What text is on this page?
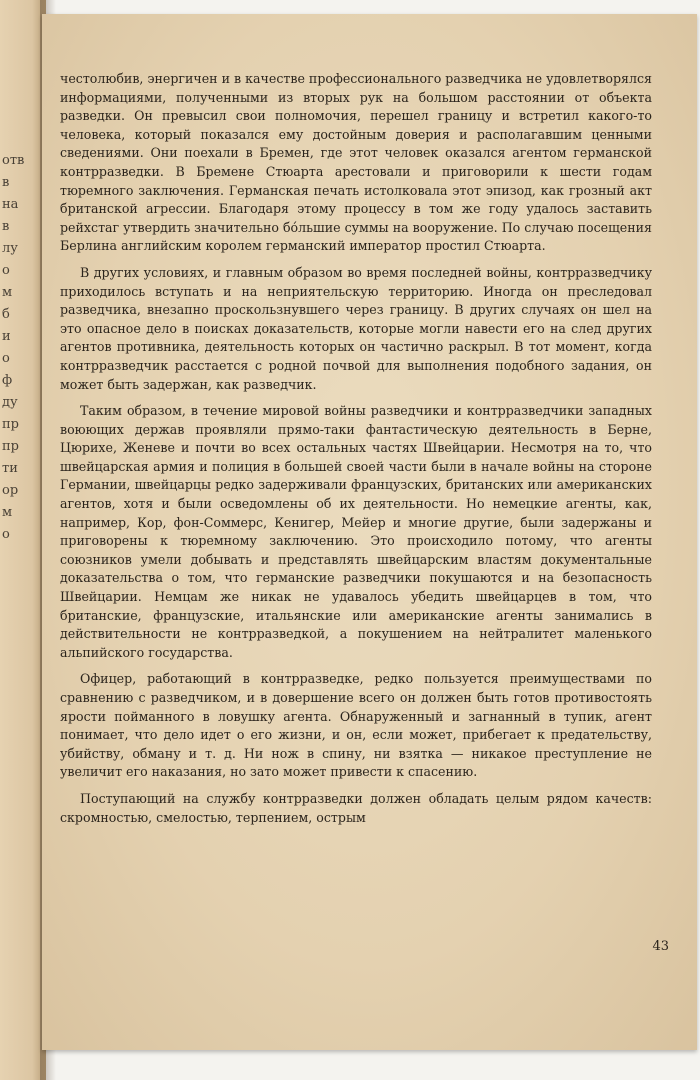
отв
в
на
в
лу
о
м
б
и
о
ф
ду
пр
пр
ти
ор
м
о

честолюбив, энергичен и в качестве профессионального разведчика не удовлетворялся информациями, полученными из вторых рук на большом расстоянии от объекта разведки. Он превысил свои полномочия, перешел границу и встретил какого-то человека, который показался ему достойным доверия и располагавшим ценными сведениями. Они поехали в Бремен, где этот человек оказался агентом германской контрразведки. В Бремене Стюарта арестовали и приговорили к шести годам тюремного заключения. Германская печать истолковала этот эпизод, как грозный акт британской агрессии. Благодаря этому процессу в том же году удалось заставить рейхстаг утвердить значительно бо́льшие суммы на вооружение. По случаю посещения Берлина английским королем германский император простил Стюарта.

В других условиях, и главным образом во время последней войны, контрразведчику приходилось вступать и на неприятельскую территорию. Иногда он преследовал разведчика, внезапно проскользнувшего через границу. В других случаях он шел на это опасное дело в поисках доказательств, которые могли навести его на след других агентов противника, деятельность которых он частично раскрыл. В тот момент, когда контрразведчик расстается с родной почвой для выполнения подобного задания, он может быть задержан, как разведчик.

Таким образом, в течение мировой войны разведчики и контрразведчики западных воюющих держав проявляли прямо-таки фантастическую деятельность в Берне, Цюрихе, Женеве и почти во всех остальных частях Швейцарии. Несмотря на то, что швейцарская армия и полиция в большей своей части были в начале войны на стороне Германии, швейцарцы редко задерживали французских, британских или американских агентов, хотя и были осведомлены об их деятельности. Но немецкие агенты, как, например, Кор, фон-Соммерс, Кенигер, Мейер и многие другие, были задержаны и приговорены к тюремному заключению. Это происходило потому, что агенты союзников умели добывать и представлять швейцарским властям документальные доказательства о том, что германские разведчики покушаются и на безопасность Швейцарии. Немцам же никак не удавалось убедить швейцарцев в том, что британские, французские, итальянские или американские агенты занимались в действительности не контрразведкой, а покушением на нейтралитет маленького альпийского государства.

Офицер, работающий в контрразведке, редко пользуется преимуществами по сравнению с разведчиком, и в довершение всего он должен быть готов противостоять ярости пойманного в ловушку агента. Обнаруженный и загнанный в тупик, агент понимает, что дело идет о его жизни, и он, если может, прибегает к предательству, убийству, обману и т. д. Ни нож в спину, ни взятка — никакое преступление не увеличит его наказания, но зато может привести к спасению.

Поступающий на службу контрразведки должен обладать целым рядом качеств: скромностью, смелостью, терпением, острым

43
